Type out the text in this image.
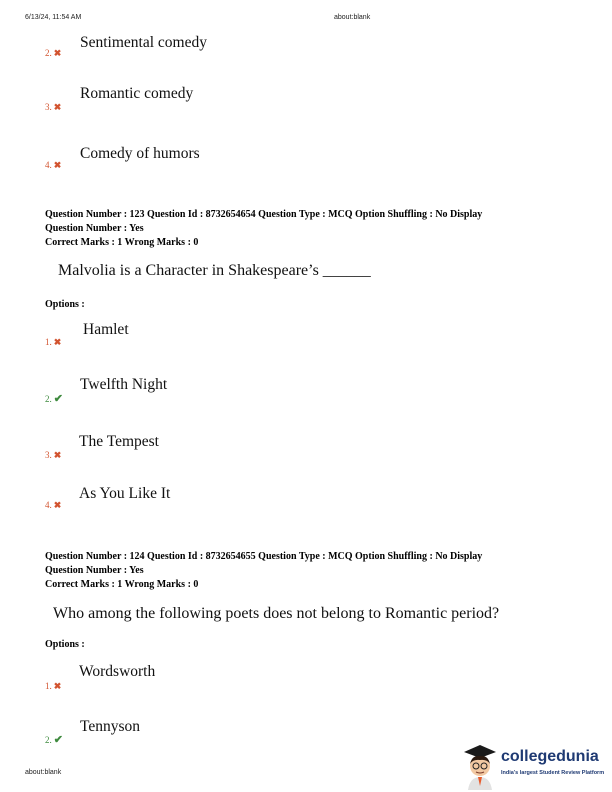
6/13/24, 11:54 AM	about:blank
Sentimental comedy
2. ✖
Romantic comedy
3. ✖
Comedy of humors
4. ✖
Question Number : 123 Question Id : 8732654654 Question Type : MCQ Option Shuffling : No Display
Question Number : Yes
Correct Marks : 1 Wrong Marks : 0
Malvolia is a Character in Shakespeare’s ______
Options :
Hamlet
1. ✖
Twelfth Night
2. ✔
The Tempest
3. ✖
As You Like It
4. ✖
Question Number : 124 Question Id : 8732654655 Question Type : MCQ Option Shuffling : No Display
Question Number : Yes
Correct Marks : 1 Wrong Marks : 0
Who among the following poets does not belong to Romantic period?
Options :
Wordsworth
1. ✖
Tennyson
2. ✔
about:blank
collegedunia
India's largest Student Review Platform
